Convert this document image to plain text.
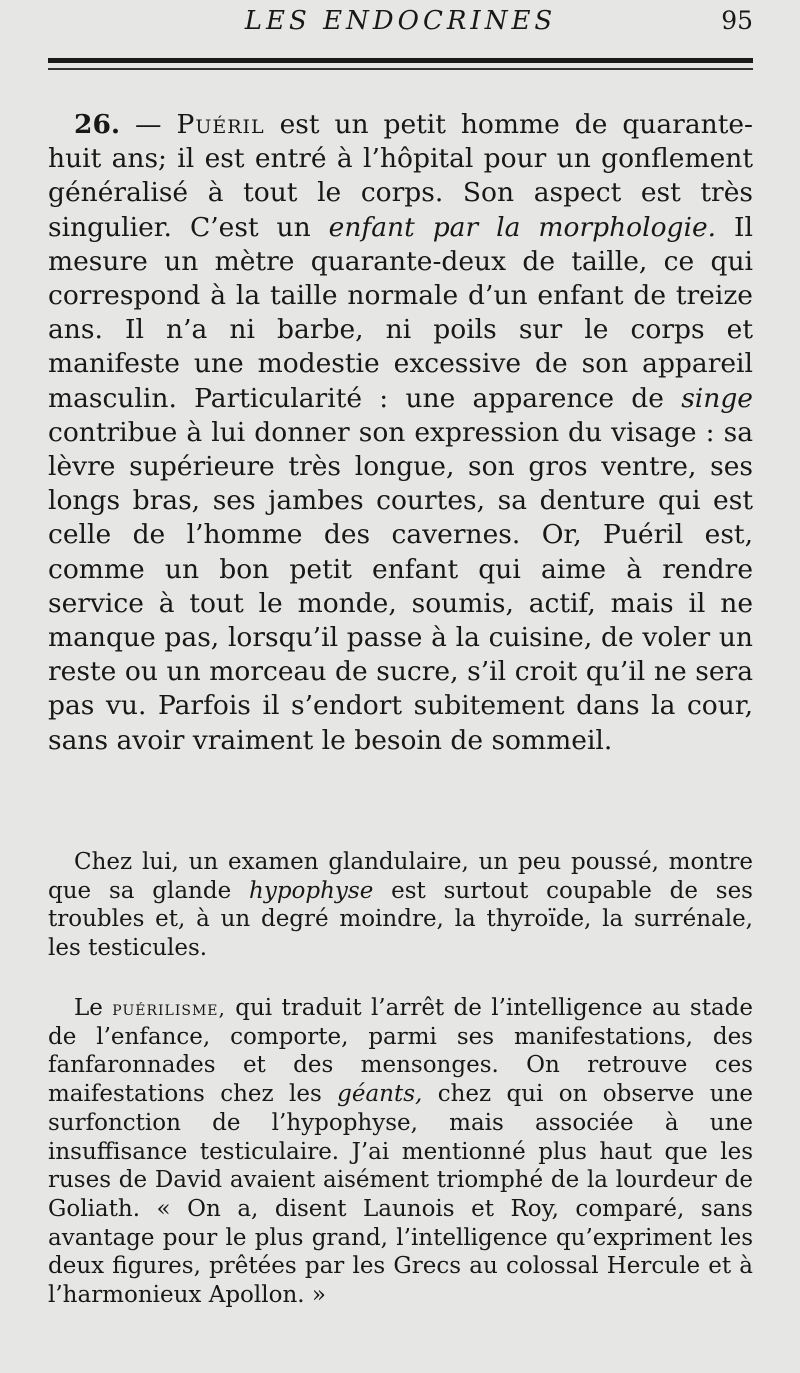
LES ENDOCRINES	95

26. — Puéril est un petit homme de quarante-huit ans; il est entré à l’hôpital pour un gonflement généralisé à tout le corps. Son aspect est très singulier. C’est un enfant par la morphologie. Il mesure un mètre quarante-deux de taille, ce qui correspond à la taille normale d’un enfant de treize ans. Il n’a ni barbe, ni poils sur le corps et manifeste une modestie excessive de son appareil masculin. Particularité : une apparence de singe contribue à lui donner son expression du visage : sa lèvre supérieure très longue, son gros ventre, ses longs bras, ses jambes courtes, sa denture qui est celle de l’homme des cavernes. Or, Puéril est, comme un bon petit enfant qui aime à rendre service à tout le monde, soumis, actif, mais il ne manque pas, lorsqu’il passe à la cuisine, de voler un reste ou un morceau de sucre, s’il croit qu’il ne sera pas vu. Parfois il s’endort subitement dans la cour, sans avoir vraiment le besoin de sommeil.

Chez lui, un examen glandulaire, un peu poussé, montre que sa glande hypophyse est surtout coupable de ses troubles et, à un degré moindre, la thyroïde, la surrénale, les testicules.

Le puérilisme, qui traduit l’arrêt de l’intelligence au stade de l’enfance, comporte, parmi ses manifestations, des fanfaronnades et des mensonges. On retrouve ces maifestations chez les géants, chez qui on observe une surfonction de l’hypophyse, mais associée à une insuffisance testiculaire. J’ai mentionné plus haut que les ruses de David avaient aisément triomphé de la lourdeur de Goliath. « On a, disent Launois et Roy, comparé, sans avantage pour le plus grand, l’intelligence qu’expriment les deux figures, prêtées par les Grecs au colossal Hercule et à l’harmonieux Apollon. »
